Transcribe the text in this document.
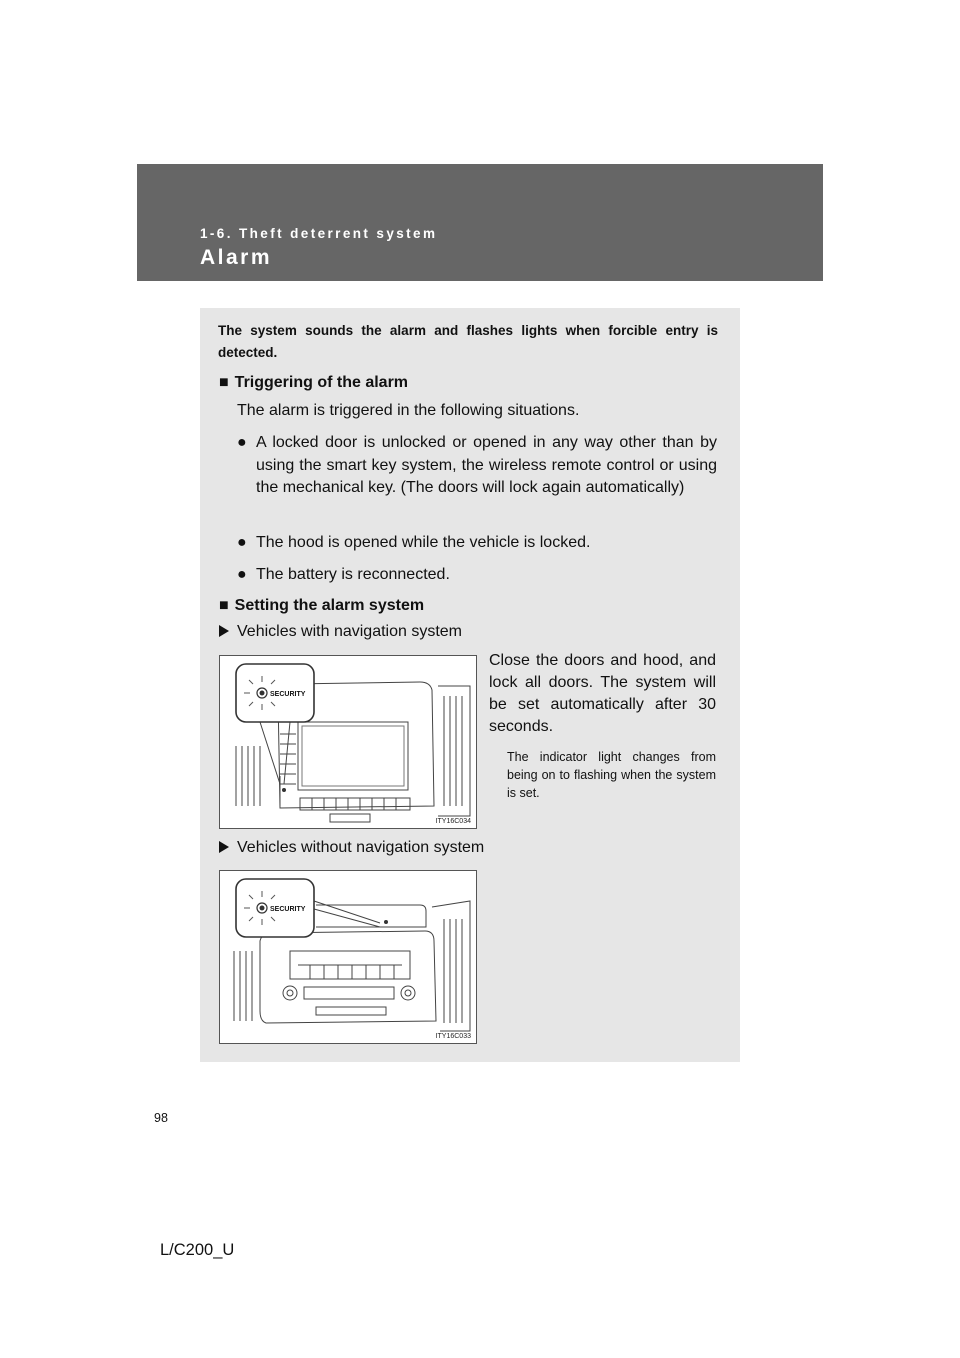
1-6. Theft deterrent system
Alarm
The system sounds the alarm and flashes lights when forcible entry is detected.
■ Triggering of the alarm
The alarm is triggered in the following situations.
● A locked door is unlocked or opened in any way other than by using the smart key system, the wireless remote control or using the mechanical key. (The doors will lock again automatically)
● The hood is opened while the vehicle is locked.
● The battery is reconnected.
■ Setting the alarm system
Vehicles with navigation system
SECURITY
ITY16C034
Close the doors and hood, and lock all doors. The system will be set automatically after 30 seconds.
The indicator light changes from being on to flashing when the system is set.
Vehicles without navigation system
SECURITY
ITY16C033
98
L/C200_U
